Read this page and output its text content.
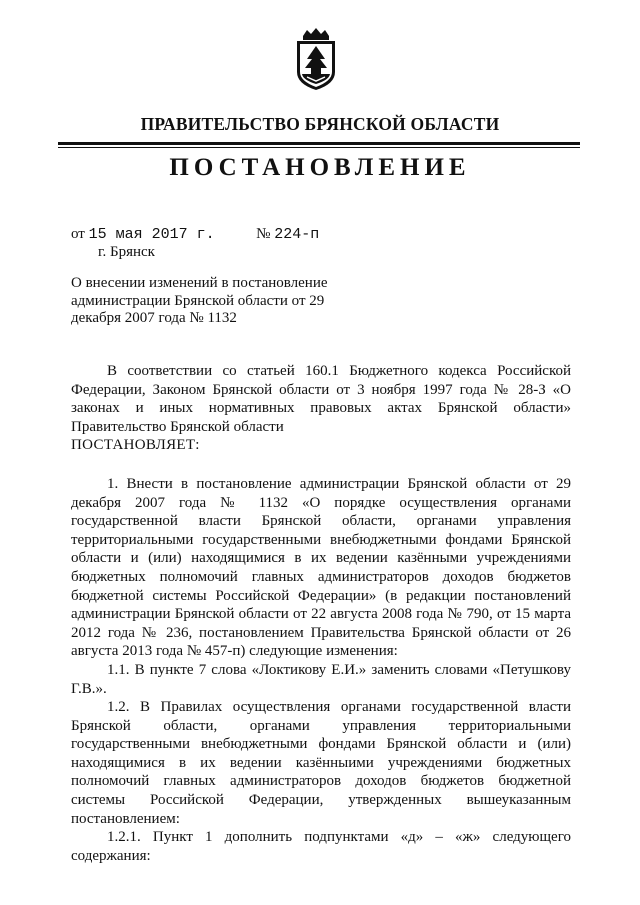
ПРАВИТЕЛЬСТВО БРЯНСКОЙ ОБЛАСТИ
ПОСТАНОВЛЕНИЕ
от 15 мая 2017 г.	№ 224-п
г. Брянск
О внесении изменений в постановление администрации Брянской области от 29 декабря 2007 года № 1132

В соответствии со статьей 160.1 Бюджетного кодекса Российской Федерации, Законом Брянской области от 3 ноября 1997 года № 28-З «О законах и иных нормативных правовых актах Брянской области» Правительство Брянской области

ПОСТАНОВЛЯЕТ:

1. Внести в постановление администрации Брянской области от 29 декабря 2007 года № 1132 «О порядке осуществления органами государственной власти Брянской области, органами управления территориальными государственными внебюджетными фондами Брянской области и (или) находящимися в их ведении казёнными учреждениями бюджетных полномочий главных администраторов доходов бюджетов бюджетной системы Российской Федерации» (в редакции постановлений администрации Брянской области от 22 августа 2008 года № 790, от 15 марта 2012 года № 236, постановлением Правительства Брянской области от 26 августа 2013 года № 457-п) следующие изменения:

1.1. В пункте 7 слова «Локтикову Е.И.» заменить словами «Петушкову Г.В.».

1.2. В Правилах осуществления органами государственной власти Брянской области, органами управления территориальными государственными внебюджетными фондами Брянской области и (или) находящимися в их ведении казённыими учреждениями бюджетных полномочий главных администраторов доходов бюджетов бюджетной системы Российской Федерации, утвержденных вышеуказанным постановлением:

1.2.1. Пункт 1 дополнить подпунктами «д» – «ж» следующего содержания:
